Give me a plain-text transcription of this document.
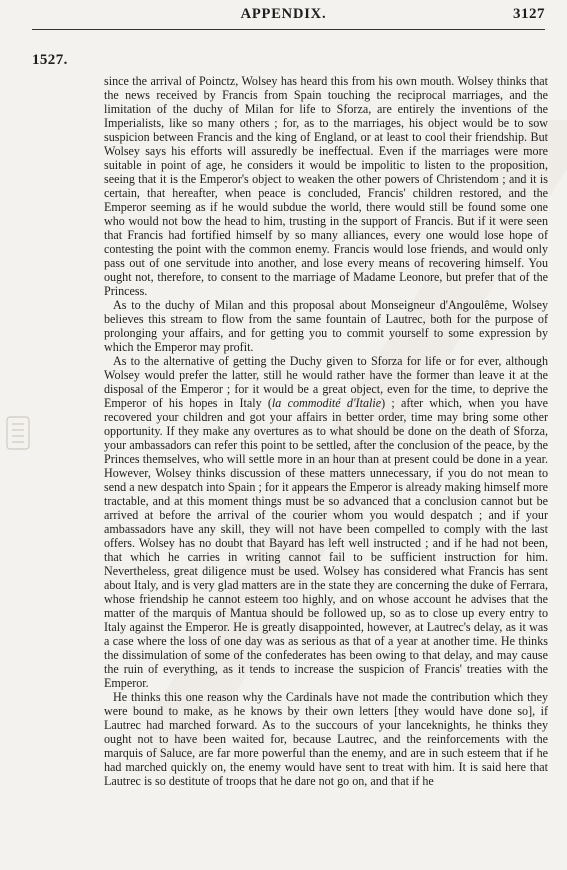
APPENDIX.	3127
1527.

since the arrival of Poinctz, Wolsey has heard this from his own mouth. Wolsey thinks that the news received by Francis from Spain touching the reciprocal marriages, and the limitation of the duchy of Milan for life to Sforza, are entirely the inventions of the Imperialists, like so many others ; for, as to the marriages, his object would be to sow suspicion between Francis and the king of England, or at least to cool their friendship. But Wolsey says his efforts will assuredly be ineffectual. Even if the marriages were more suitable in point of age, he considers it would be impolitic to listen to the proposition, seeing that it is the Emperor's object to weaken the other powers of Christendom ; and it is certain, that hereafter, when peace is concluded, Francis' children restored, and the Emperor seeming as if he would subdue the world, there would still be found some one who would not bow the head to him, trusting in the support of Francis. But if it were seen that Francis had fortified himself by so many alliances, every one would lose hope of contesting the point with the common enemy. Francis would lose friends, and would only pass out of one servitude into another, and lose every means of recovering himself. You ought not, therefore, to consent to the marriage of Madame Leonore, but prefer that of the Princess.

As to the duchy of Milan and this proposal about Monseigneur d'Angoulême, Wolsey believes this stream to flow from the same fountain of Lautrec, both for the purpose of prolonging your affairs, and for getting you to commit yourself to some expression by which the Emperor may profit.

As to the alternative of getting the Duchy given to Sforza for life or for ever, although Wolsey would prefer the latter, still he would rather have the former than leave it at the disposal of the Emperor ; for it would be a great object, even for the time, to deprive the Emperor of his hopes in Italy (la commodité d'Italie) ; after which, when you have recovered your children and got your affairs in better order, time may bring some other opportunity. If they make any overtures as to what should be done on the death of Sforza, your ambassadors can refer this point to be settled, after the conclusion of the peace, by the Princes themselves, who will settle more in an hour than at present could be done in a year. However, Wolsey thinks discussion of these matters unnecessary, if you do not mean to send a new despatch into Spain ; for it appears the Emperor is already making himself more tractable, and at this moment things must be so advanced that a conclusion cannot but be arrived at before the arrival of the courier whom you would despatch ; and if your ambassadors have any skill, they will not have been compelled to comply with the last offers. Wolsey has no doubt that Bayard has left well instructed ; and if he had not been, that which he carries in writing cannot fail to be sufficient instruction for him. Nevertheless, great diligence must be used. Wolsey has considered what Francis has sent about Italy, and is very glad matters are in the state they are concerning the duke of Ferrara, whose friendship he cannot esteem too highly, and on whose account he advises that the matter of the marquis of Mantua should be followed up, so as to close up every entry to Italy against the Emperor. He is greatly disappointed, however, at Lautrec's delay, as it was a case where the loss of one day was as serious as that of a year at another time. He thinks the dissimulation of some of the confederates has been owing to that delay, and may cause the ruin of everything, as it tends to increase the suspicion of Francis' treaties with the Emperor.

He thinks this one reason why the Cardinals have not made the contribution which they were bound to make, as he knows by their own letters [they would have done so], if Lautrec had marched forward. As to the succours of your lanceknights, he thinks they ought not to have been waited for, because Lautrec, and the reinforcements with the marquis of Saluce, are far more powerful than the enemy, and are in such esteem that if he had marched quickly on, the enemy would have sent to treat with him. It is said here that Lautrec is so destitute of troops that he dare not go on, and that if he
